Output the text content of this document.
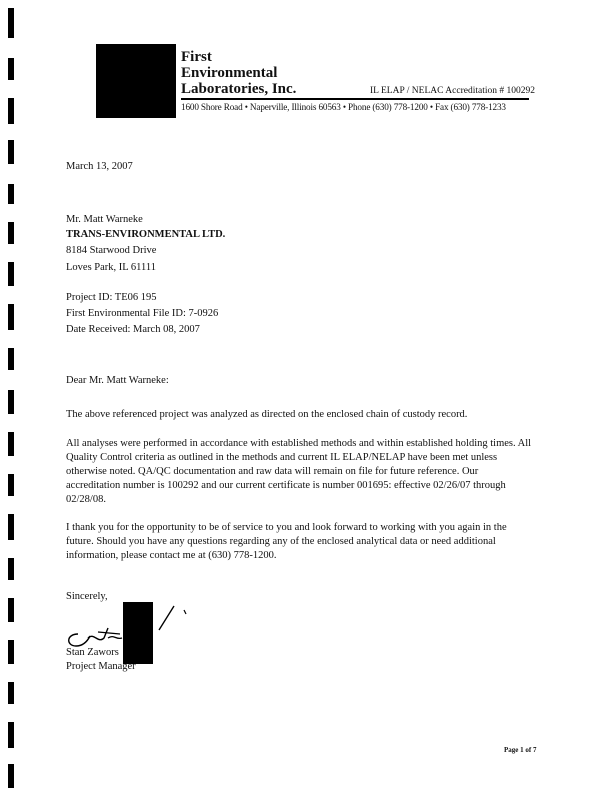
First
Environmental
Laboratories, Inc.	IL ELAP / NELAC Accreditation # 100292
1600 Shore Road • Naperville, Illinois 60563 • Phone (630) 778-1200 • Fax (630) 778-1233
March 13, 2007
Mr. Matt Warneke
TRANS-ENVIRONMENTAL LTD.
8184 Starwood Drive
Loves Park, IL 61111
Project ID: TE06 195
First Environmental File ID: 7-0926
Date Received: March 08, 2007
Dear Mr. Matt Warneke:
The above referenced project was analyzed as directed on the enclosed chain of custody record.
All analyses were performed in accordance with established methods and within established holding times. All Quality Control criteria as outlined in the methods and current IL ELAP/NELAP have been met unless otherwise noted. QA/QC documentation and raw data will remain on file for future reference. Our accreditation number is 100292 and our current certificate is number 001695: effective 02/26/07 through 02/28/08.
I thank you for the opportunity to be of service to you and look forward to working with you again in the future. Should you have any questions regarding any of the enclosed analytical data or need additional information, please contact me at (630) 778-1200.
Sincerely,
Stan Zawors
Project Manager
Page 1 of 7
